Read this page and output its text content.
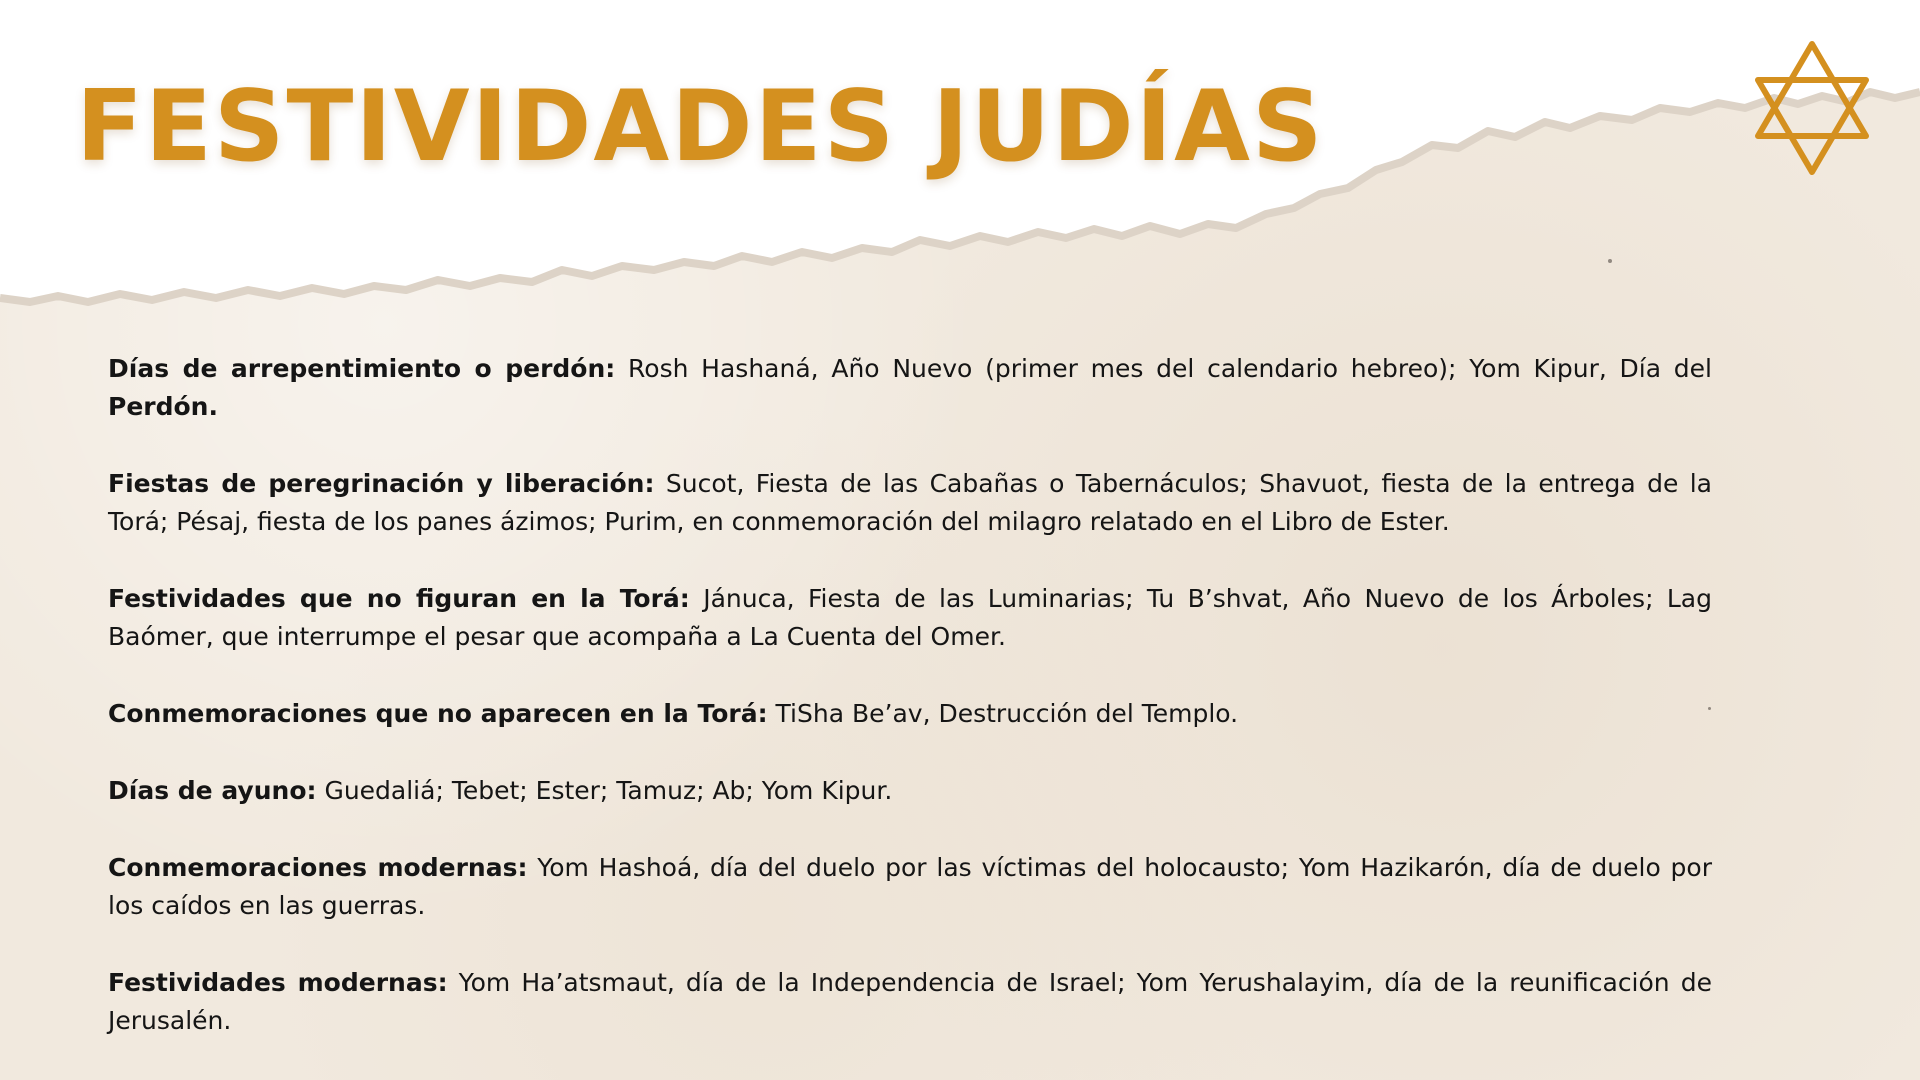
FESTIVIDADES JUDÍAS

Días de arrepentimiento o perdón: Rosh Hashaná, Año Nuevo (primer mes del calendario hebreo); Yom Kipur, Día del Perdón.

Fiestas de peregrinación y liberación: Sucot, Fiesta de las Cabañas o Tabernáculos; Shavuot, fiesta de la entrega de la Torá; Pésaj, fiesta de los panes ázimos; Purim, en conmemoración del milagro relatado en el Libro de Ester.

Festividades que no figuran en la Torá: Jánuca, Fiesta de las Luminarias; Tu B’shvat, Año Nuevo de los Árboles; Lag Baómer, que interrumpe el pesar que acompaña a La Cuenta del Omer.

Conmemoraciones que no aparecen en la Torá: TiSha Be’av, Destrucción del Templo.

Días de ayuno: Guedaliá; Tebet; Ester; Tamuz; Ab; Yom Kipur.

Conmemoraciones modernas: Yom Hashoá, día del duelo por las víctimas del holocausto; Yom Hazikarón, día de duelo por los caídos en las guerras.

Festividades modernas: Yom Ha’atsmaut, día de la Independencia de Israel; Yom Yerushalayim, día de la reunificación de Jerusalén.
